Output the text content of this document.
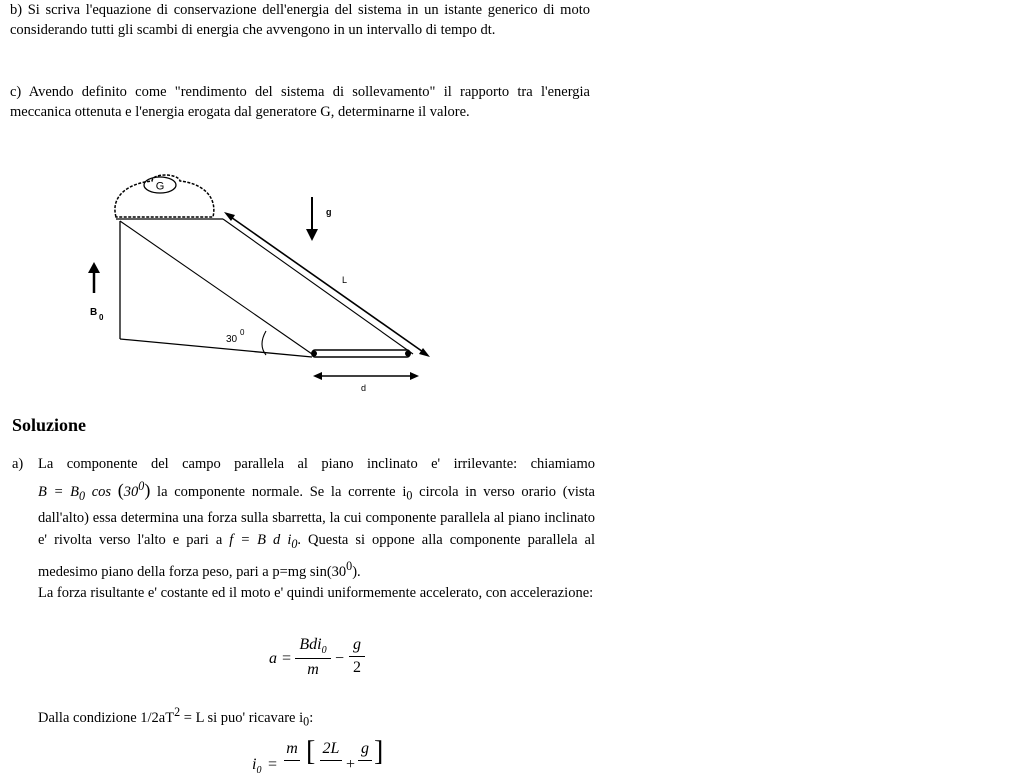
b) Si scriva l'equazione di conservazione dell'energia del sistema in un istante generico di moto considerando tutti gli scambi di energia che avvengono in un intervallo di tempo dt.

c) Avendo definito come "rendimento del sistema di sollevamento" il rapporto tra l'energia meccanica ottenuta e l'energia erogata dal generatore G, determinarne il valore.

G
L
g
B 0
30
0
d
Soluzione
a) La componente del campo parallela al piano inclinato e' irrilevante: chiamiamo $B = B_0$ $\cos (30^0)$ la componente normale. Se la corrente $i_0$ circola in verso orario (vista dall'alto) essa determina una forza sulla sbarretta, la cui componente parallela al piano inclinato e' rivolta verso l'alto e pari a f = B d $i_0$. Questa si oppone alla componente parallela al medesimo piano della forza peso, pari a p=mg $\sin(30^0)$.
La forza risultante e' costante ed il moto e' quindi uniformemente accelerato, con accelerazione:
a =
Bdi$_0$
m
−
g
2
Dalla condizione $1/2aT^2 = L$ si puo' ricavare $i_0$:
$i_0$ =
m [ 2L
+
g ]
